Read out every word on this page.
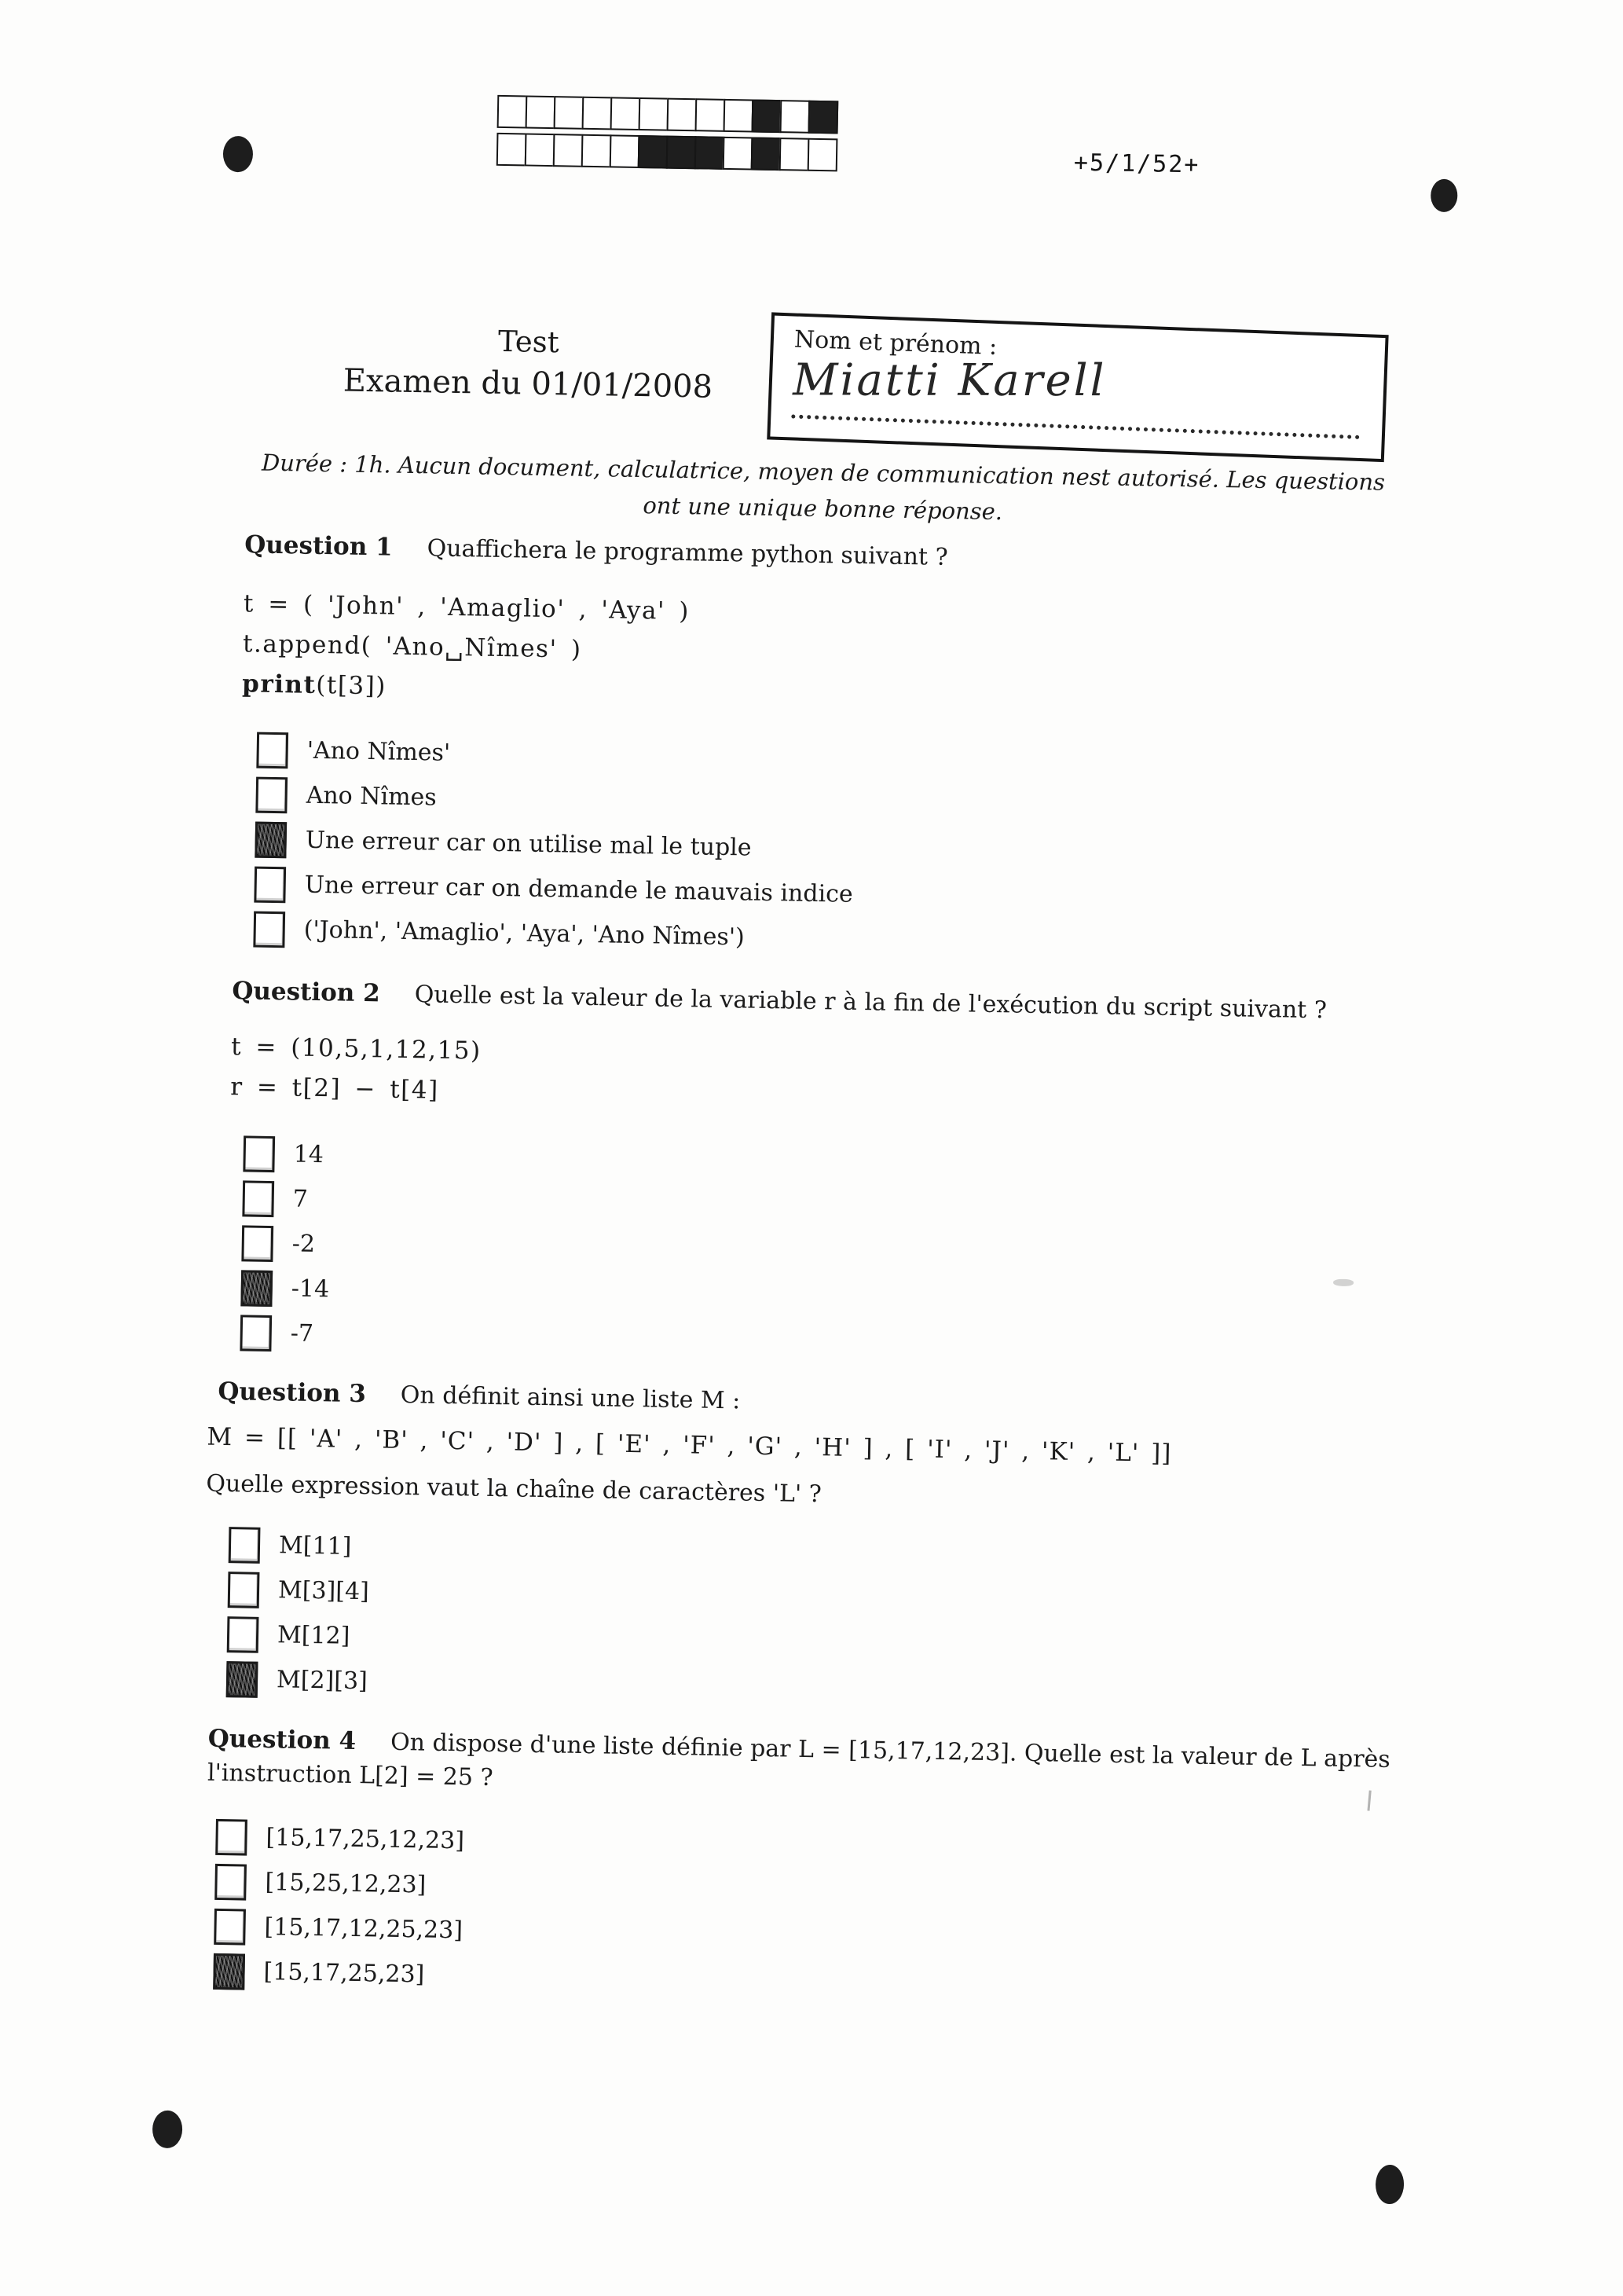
+5/1/52+
Test
Examen du 01/01/2008
Nom et prénom :
Miatti Karell
Durée : 1h. Aucun document, calculatrice, moyen de communication nest autorisé. Les questions
ont une unique bonne réponse.
Question 1 Quaffichera le programme python suivant ?
t = ( 'John' , 'Amaglio' , 'Aya' )
t.append( 'Ano␣Nîmes' )
print(t[3])
'Ano Nîmes'
Ano Nîmes
Une erreur car on utilise mal le tuple
Une erreur car on demande le mauvais indice
('John', 'Amaglio', 'Aya', 'Ano Nîmes')
Question 2 Quelle est la valeur de la variable r à la fin de l'exécution du script suivant ?
t = (10,5,1,12,15)
r = t[2] − t[4]
14
7
-2
-14
-7
Question 3 On définit ainsi une liste M :
M = [[ 'A' , 'B' , 'C' , 'D' ] , [ 'E' , 'F' , 'G' , 'H' ] , [ 'I' , 'J' , 'K' , 'L' ]]
Quelle expression vaut la chaîne de caractères 'L' ?
M[11]
M[3][4]
M[12]
M[2][3]
Question 4 On dispose d'une liste définie par L = [15,17,12,23]. Quelle est la valeur de L après
l'instruction L[2] = 25 ?
[15,17,25,12,23]
[15,25,12,23]
[15,17,12,25,23]
[15,17,25,23]
